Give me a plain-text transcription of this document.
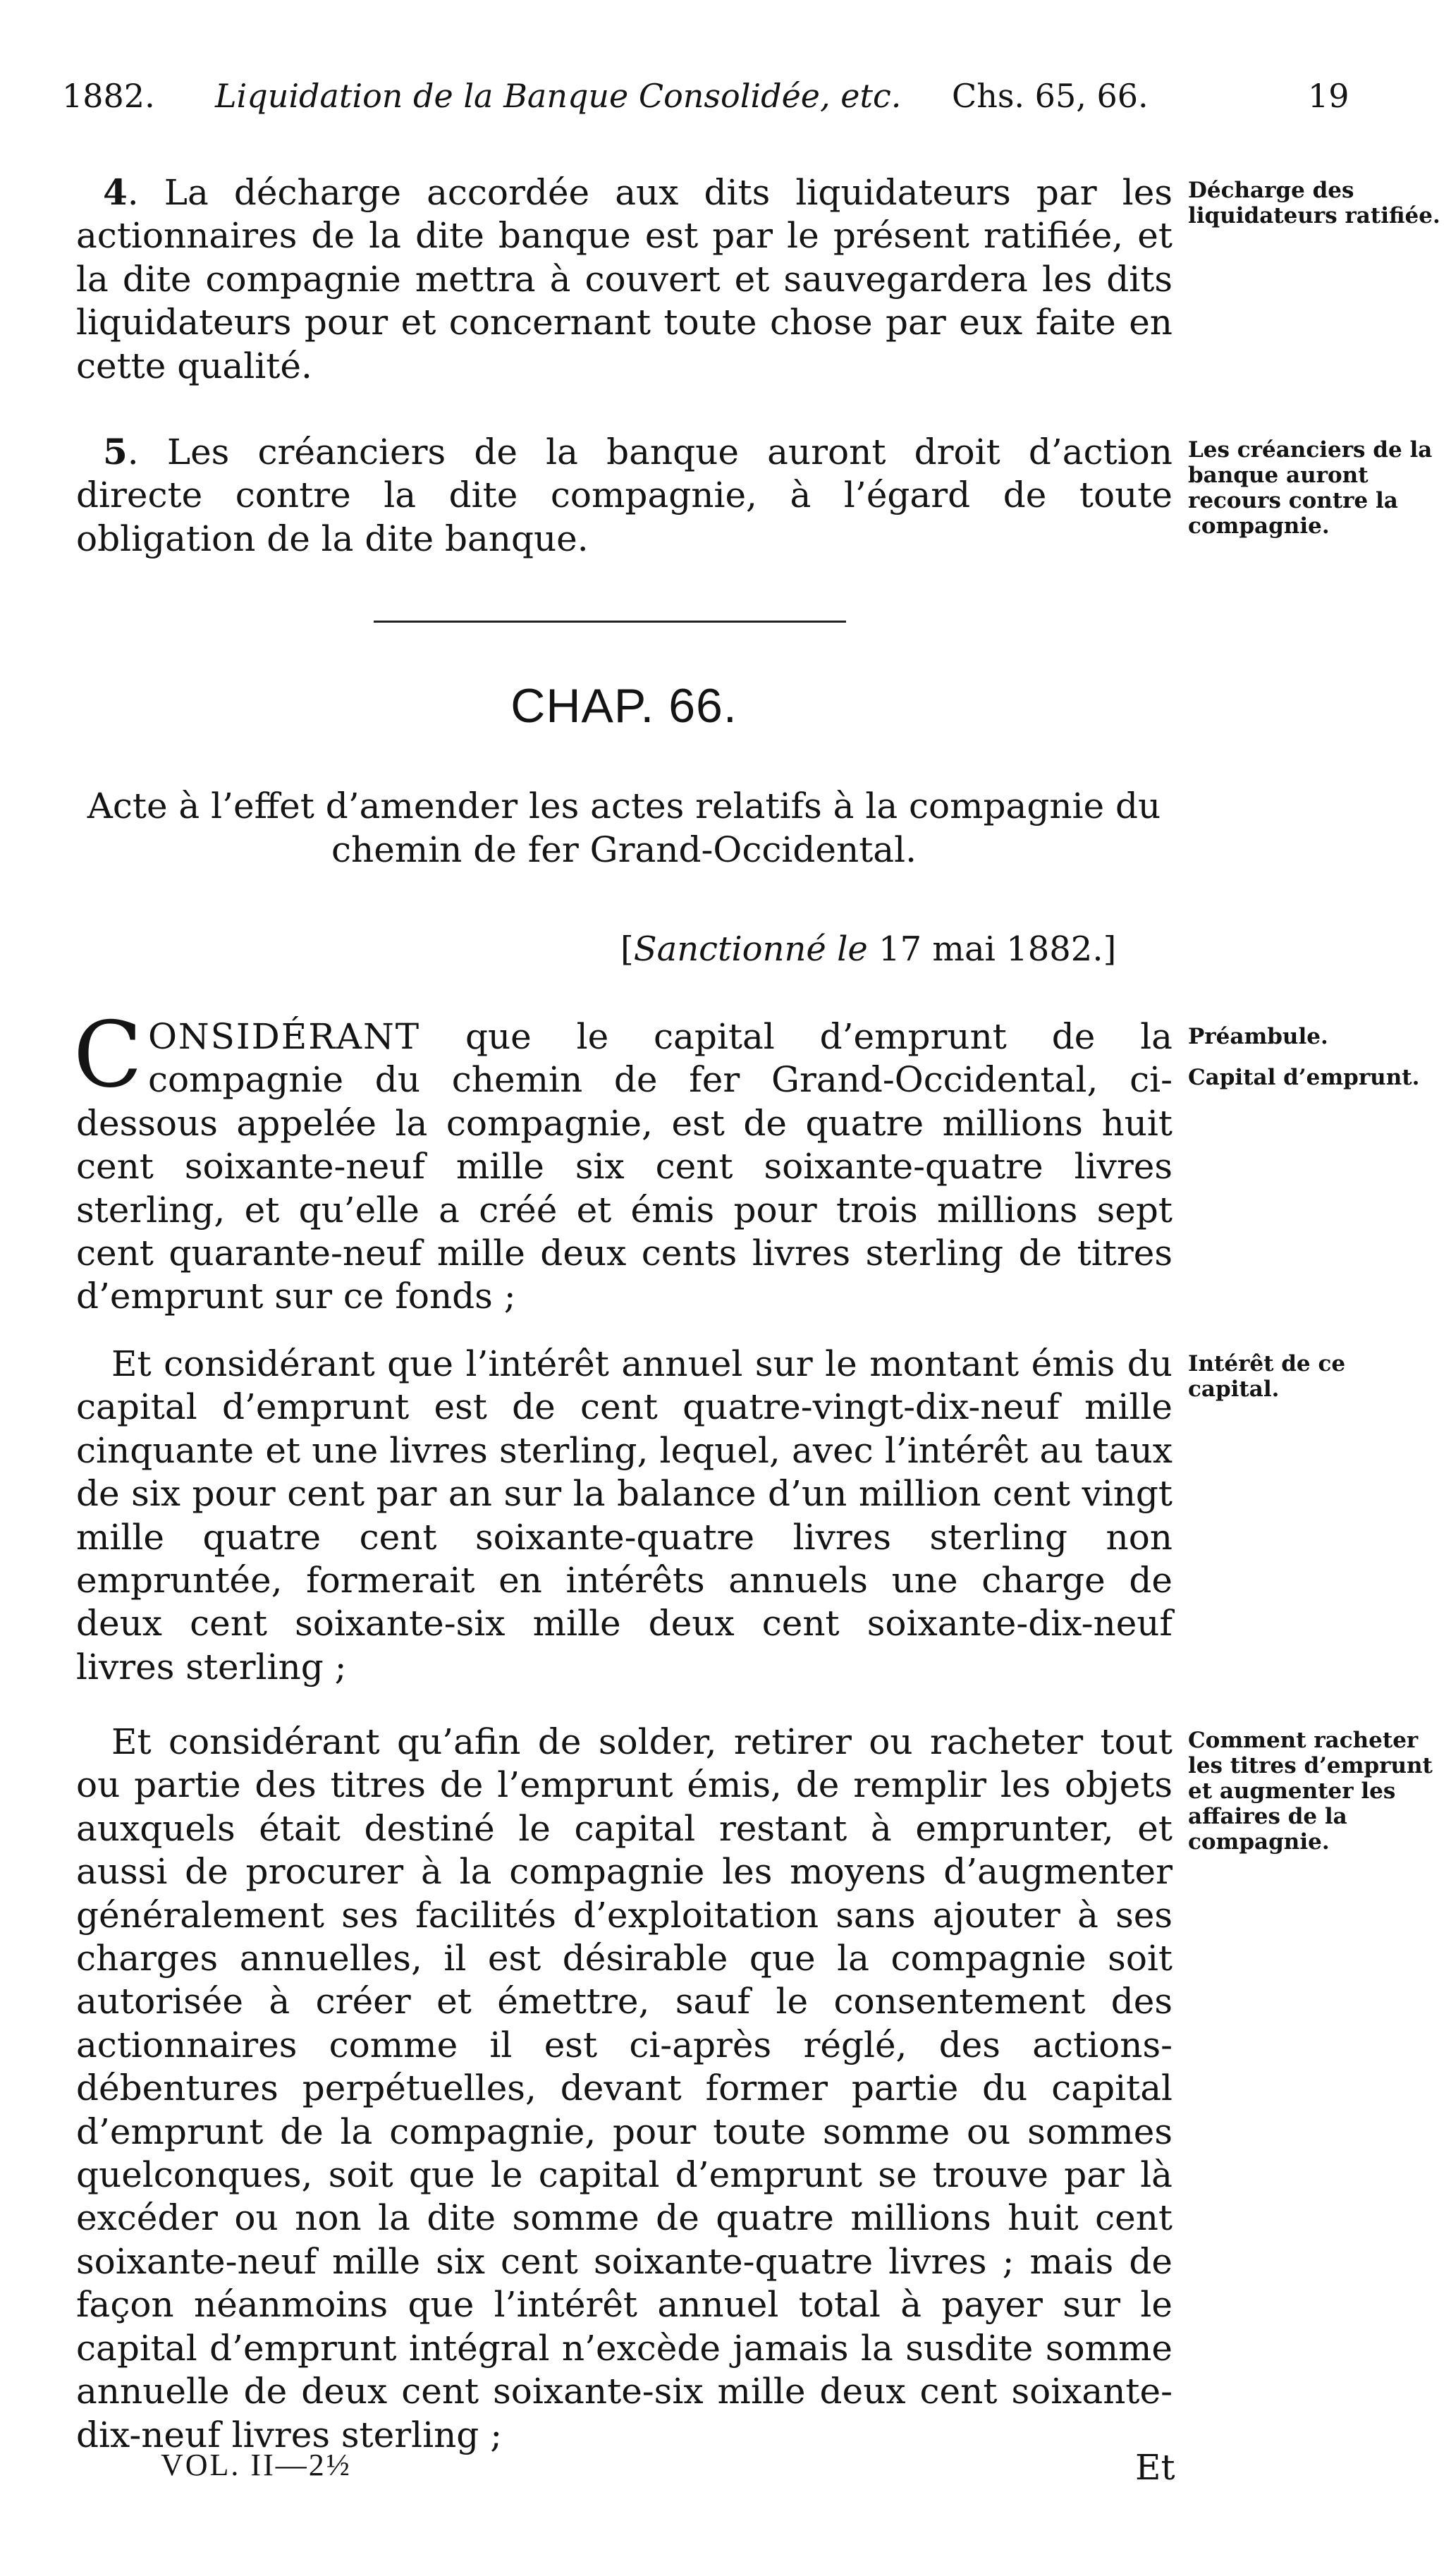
1882. Liquidation de la Banque Consolidée, etc. Chs. 65, 66.	19
4. La décharge accordée aux dits liquidateurs par les actionnaires de la dite banque est par le présent ratifiée, et la dite compagnie mettra à couvert et sauvegardera les dits liquidateurs pour et concernant toute chose par eux faite en cette qualité.
Décharge des liquidateurs ratifiée.
5. Les créanciers de la banque auront droit d’action directe contre la dite compagnie, à l’égard de toute obligation de la dite banque.
Les créanciers de la banque auront recours contre la compagnie.
CHAP. 66.
Acte à l’effet d’amender les actes relatifs à la compagnie du chemin de fer Grand-Occidental.
[Sanctionné le 17 mai 1882.]
CONSIDÉRANT que le capital d’emprunt de la compagnie du chemin de fer Grand-Occidental, ci-dessous appelée la compagnie, est de quatre millions huit cent soixante-neuf mille six cent soixante-quatre livres sterling, et qu’elle a créé et émis pour trois millions sept cent quarante-neuf mille deux cents livres sterling de titres d’emprunt sur ce fonds ;
Préambule.
Capital d’emprunt.
Et considérant que l’intérêt annuel sur le montant émis du capital d’emprunt est de cent quatre-vingt-dix-neuf mille cinquante et une livres sterling, lequel, avec l’intérêt au taux de six pour cent par an sur la balance d’un million cent vingt mille quatre cent soixante-quatre livres sterling non empruntée, formerait en intérêts annuels une charge de deux cent soixante-six mille deux cent soixante-dix-neuf livres sterling ;
Intérêt de ce capital.
Et considérant qu’afin de solder, retirer ou racheter tout ou partie des titres de l’emprunt émis, de remplir les objets auxquels était destiné le capital restant à emprunter, et aussi de procurer à la compagnie les moyens d’augmenter généralement ses facilités d’exploitation sans ajouter à ses charges annuelles, il est désirable que la compagnie soit autorisée à créer et émettre, sauf le consentement des actionnaires comme il est ci-après réglé, des actions-débentures perpétuelles, devant former partie du capital d’emprunt de la compagnie, pour toute somme ou sommes quelconques, soit que le capital d’emprunt se trouve par là excéder ou non la dite somme de quatre millions huit cent soixante-neuf mille six cent soixante-quatre livres ; mais de façon néanmoins que l’intérêt annuel total à payer sur le capital d’emprunt intégral n’excède jamais la susdite somme annuelle de deux cent soixante-six mille deux cent soixante-dix-neuf livres sterling ;
Comment racheter les titres d’emprunt et augmenter les affaires de la compagnie.
VOL. II—2½	Et
